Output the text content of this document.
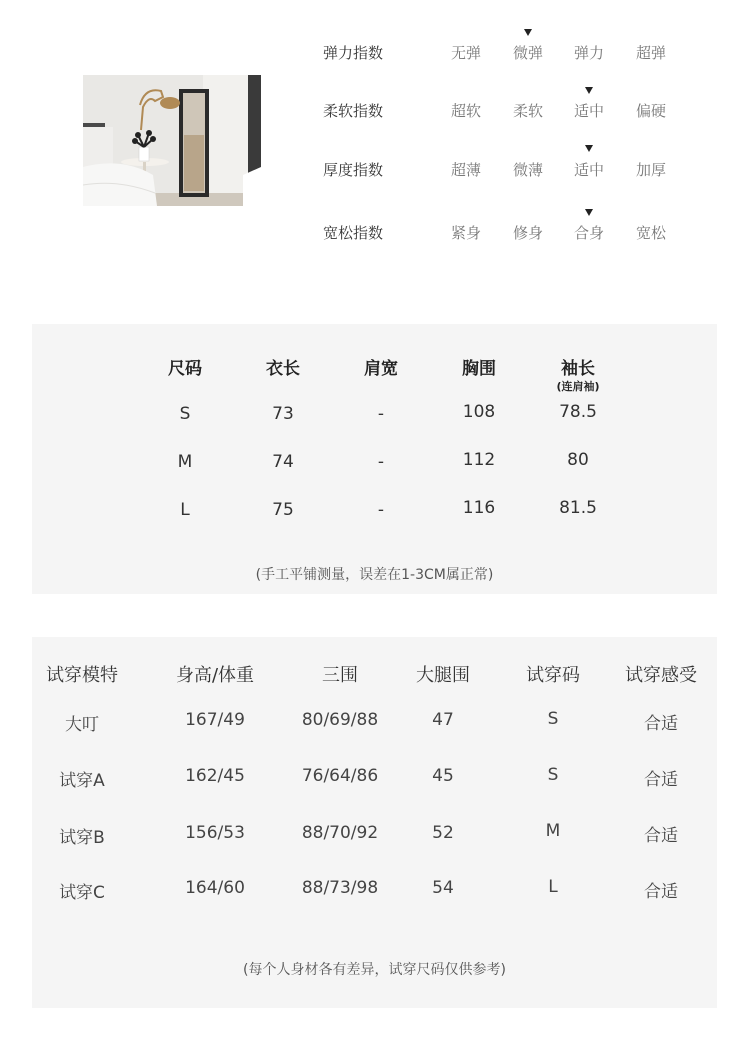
弹力指数	无弹	微弹	弹力	超弹
柔软指数	超软	柔软	适中	偏硬
厚度指数	超薄	微薄	适中	加厚
宽松指数	紧身	修身	合身	宽松
尺码	衣长	肩宽	胸围	袖长
(连肩袖)
S	73	-	108	78.5
M	74	-	112	80
L	75	-	116	81.5
(手工平铺测量，误差在1-3CM属正常)
试穿模特	身高/体重	三围	大腿围	试穿码	试穿感受
大叮	167/49	80/69/88	47	S	合适
试穿A	162/45	76/64/86	45	S	合适
试穿B	156/53	88/70/92	52	M	合适
试穿C	164/60	88/73/98	54	L	合适
(每个人身材各有差异，试穿尺码仅供参考)
